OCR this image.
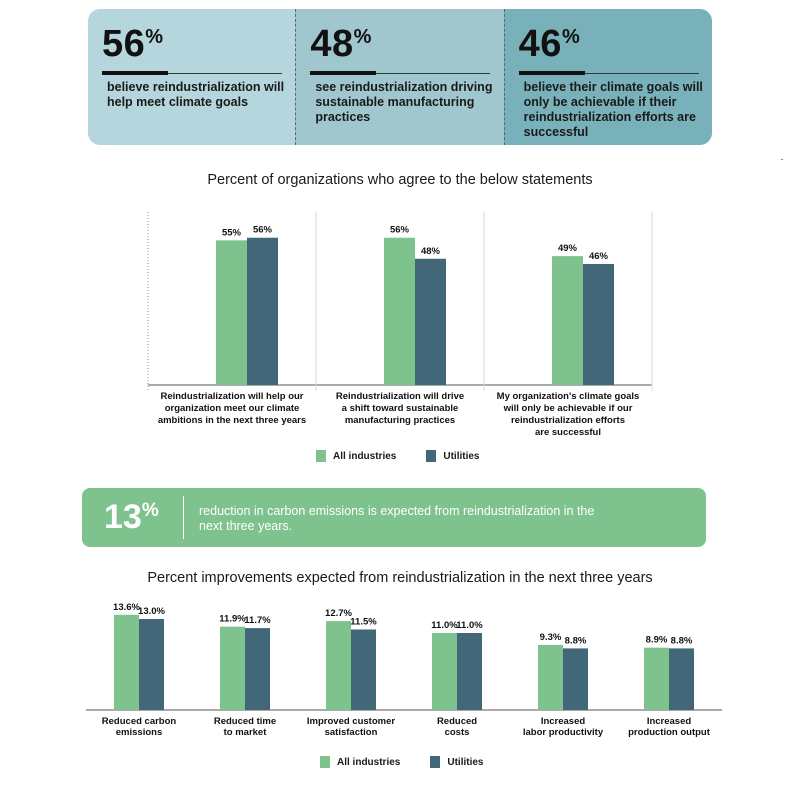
56%
believe reindustrialization will help meet climate goals
48%
see reindustrialization driving sustainable manufacturing practices
46%
believe their climate goals will only be achievable if their reindustrialization efforts are successful
Percent of organizations who agree to the below statements
55% 56%
Reindustrialization will help our
organization meet our climate
ambitions in the next three years
56%
48%
Reindustrialization will drive
a shift toward sustainable
manufacturing practices
49%
46%
My organization's climate goals
will only be achievable if our
reindustrialization efforts
are successful
All industries	Utilities
13%	reduction in carbon emissions is expected from reindustrialization in the next three years.
Percent improvements expected from reindustrialization in the next three years
13.6%
13.0%
Reduced carbon
emissions
11.9%
11.7%
Reduced time
to market
12.7%
11.5%
Improved customer
satisfaction
11.0%
11.0%
Reduced
costs
9.3% 8.8%
Increased
labor productivity
8.9% 8.8%
Increased
production output
All industries	Utilities
